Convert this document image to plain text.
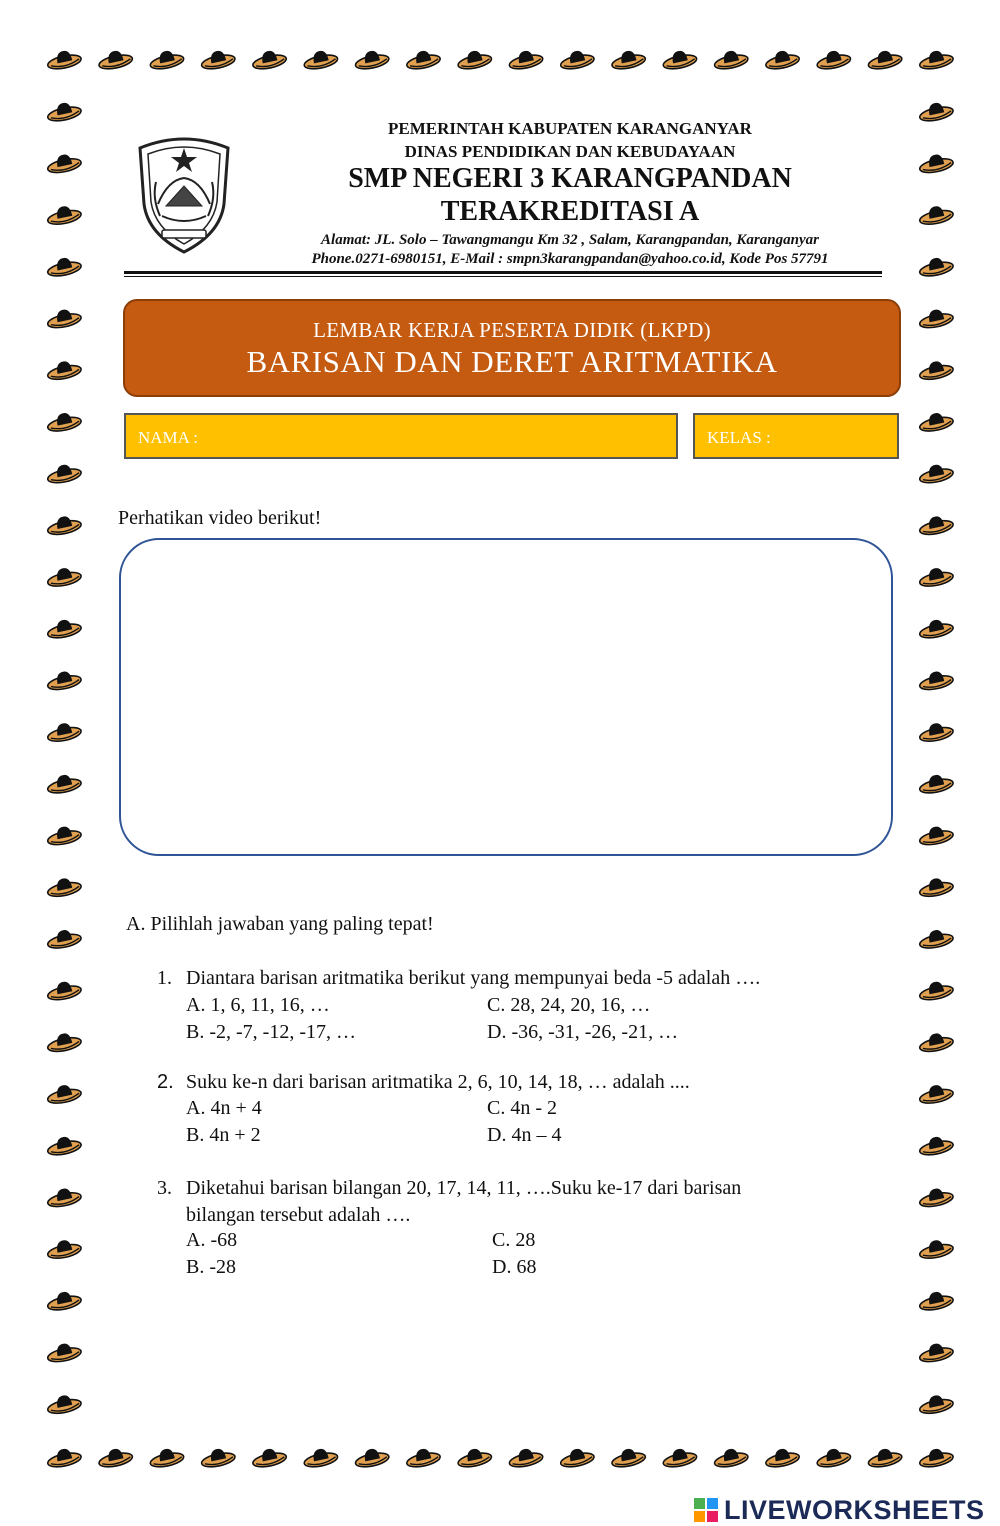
PEMERINTAH KABUPATEN KARANGANYAR
DINAS PENDIDIKAN DAN KEBUDAYAAN
SMP NEGERI 3 KARANGPANDAN
TERAKREDITASI A
Alamat: JL. Solo – Tawangmangu Km 32 , Salam, Karangpandan, Karanganyar
Phone.0271-6980151, E-Mail : smpn3karangpandan@yahoo.co.id, Kode Pos 57791
LEMBAR KERJA PESERTA DIDIK (LKPD)
BARISAN DAN DERET ARITMATIKA
NAMA :	KELAS :
Perhatikan video berikut!
A. Pilihlah jawaban yang paling tepat!
1. Diantara barisan aritmatika berikut yang mempunyai beda -5 adalah ….
A. 1, 6, 11, 16, …	C. 28, 24, 20, 16, …
B. -2, -7, -12, -17, …	D. -36, -31, -26, -21, …
2. Suku ke-n dari barisan aritmatika 2, 6, 10, 14, 18, … adalah ....
A. 4n + 4	C. 4n - 2
B. 4n + 2	D. 4n – 4
3. Diketahui barisan bilangan 20, 17, 14, 11, ….Suku ke-17 dari barisan
bilangan tersebut adalah ….
A. -68	C. 28
B. -28	D. 68
LIVEWORKSHEETS
